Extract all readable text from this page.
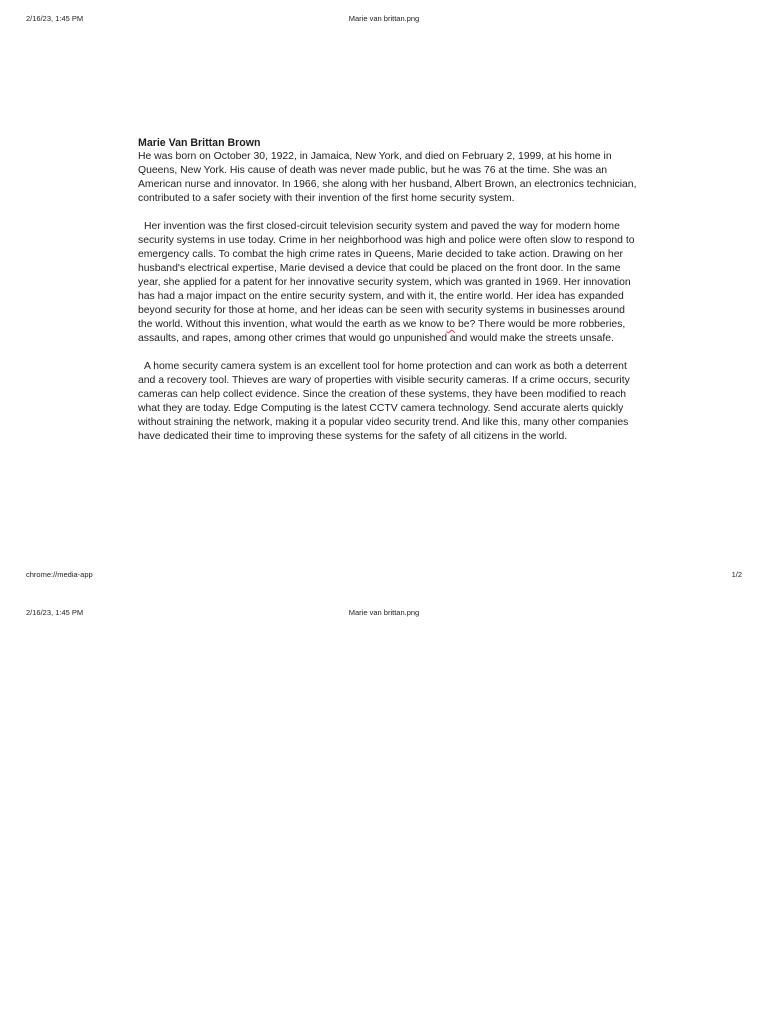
2/16/23, 1:45 PM	Marie van brittan.png

Marie Van Brittan Brown

He was born on October 30, 1922, in Jamaica, New York, and died on February 2, 1999, at his home in Queens, New York. His cause of death was never made public, but he was 76 at the time. She was an American nurse and innovator. In 1966, she along with her husband, Albert Brown, an electronics technician, contributed to a safer society with their invention of the first home security system.

Her invention was the first closed-circuit television security system and paved the way for modern home security systems in use today. Crime in her neighborhood was high and police were often slow to respond to emergency calls. To combat the high crime rates in Queens, Marie decided to take action. Drawing on her husband's electrical expertise, Marie devised a device that could be placed on the front door. In the same year, she applied for a patent for her innovative security system, which was granted in 1969. Her innovation has had a major impact on the entire security system, and with it, the entire world. Her idea has expanded beyond security for those at home, and her ideas can be seen with security systems in businesses around the world. Without this invention, what would the earth as we know to be? There would be more robberies, assaults, and rapes, among other crimes that would go unpunished and would make the streets unsafe.

A home security camera system is an excellent tool for home protection and can work as both a deterrent and a recovery tool. Thieves are wary of properties with visible security cameras. If a crime occurs, security cameras can help collect evidence. Since the creation of these systems, they have been modified to reach what they are today. Edge Computing is the latest CCTV camera technology. Send accurate alerts quickly without straining the network, making it a popular video security trend. And like this, many other companies have dedicated their time to improving these systems for the safety of all citizens in the world.

chrome://media-app	1/2
2/16/23, 1:45 PM	Marie van brittan.png
